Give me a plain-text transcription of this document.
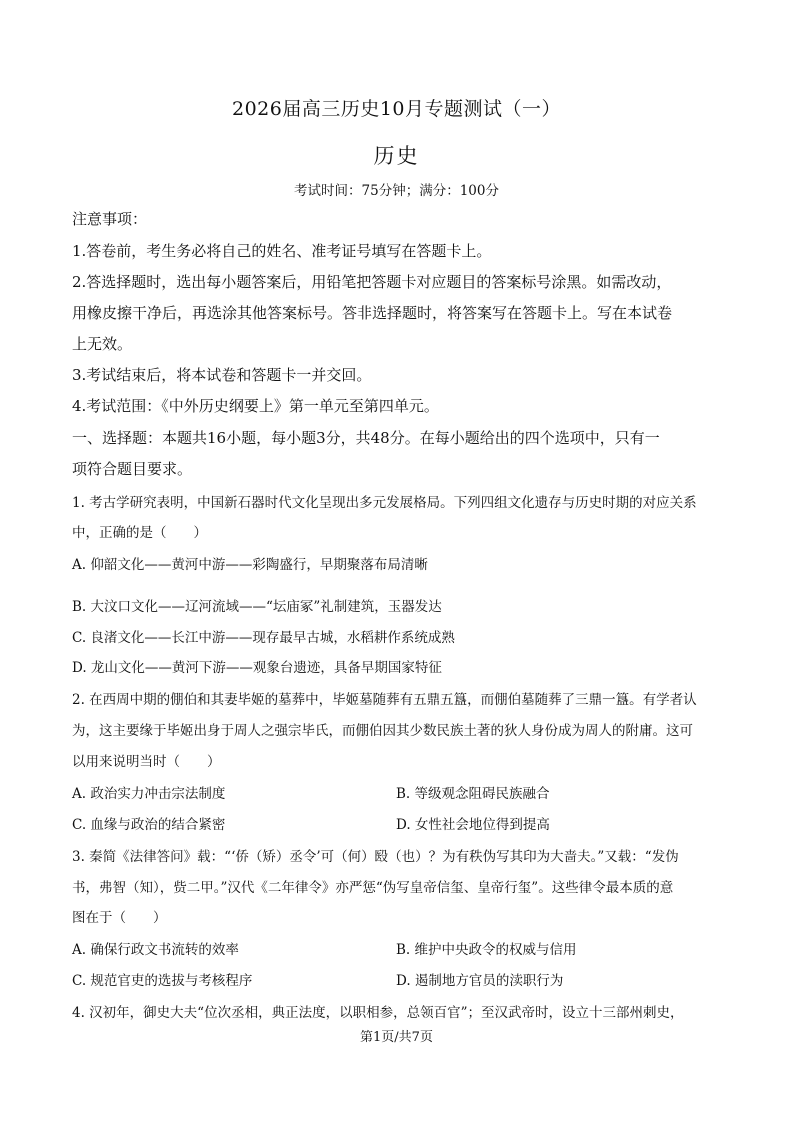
2026届高三历史10月专题测试（一）
历史
考试时间：75分钟；满分：100分
注意事项：
1.答卷前，考生务必将自己的姓名、准考证号填写在答题卡上。
2.答选择题时，选出每小题答案后，用铅笔把答题卡对应题目的答案标号涂黑。如需改动，
用橡皮擦干净后，再选涂其他答案标号。答非选择题时，将答案写在答题卡上。写在本试卷
上无效。
3.考试结束后，将本试卷和答题卡一并交回。
4.考试范围：《中外历史纲要上》第一单元至第四单元。
一、选择题：本题共16小题，每小题3分，共48分。在每小题给出的四个选项中，只有一
项符合题目要求。
1. 考古学研究表明，中国新石器时代文化呈现出多元发展格局。下列四组文化遗存与历史时期的对应关系
中，正确的是（　　）
A. 仰韶文化——黄河中游——彩陶盛行，早期聚落布局清晰
B. 大汶口文化——辽河流域——“坛庙冢”礼制建筑，玉器发达
C. 良渚文化——长江中游——现存最早古城，水稻耕作系统成熟
D. 龙山文化——黄河下游——观象台遗迹，具备早期国家特征
2. 在西周中期的倗伯和其妻毕姬的墓葬中，毕姬墓随葬有五鼎五簋，而倗伯墓随葬了三鼎一簋。有学者认
为，这主要缘于毕姬出身于周人之强宗毕氏，而倗伯因其少数民族土著的狄人身份成为周人的附庸。这可
以用来说明当时（　　）
A. 政治实力冲击宗法制度	B. 等级观念阻碍民族融合
C. 血缘与政治的结合紧密	D. 女性社会地位得到提高
3. 秦简《法律答问》载：“‘侨（矫）丞令’可（何）殹（也）？为有秩伪写其印为大啬夫。”又载：“发伪
书，弗智（知），赀二甲。”汉代《二年律令》亦严惩“伪写皇帝信玺、皇帝行玺”。这些律令最本质的意
图在于（　　）
A. 确保行政文书流转的效率	B. 维护中央政令的权威与信用
C. 规范官吏的选拔与考核程序	D. 遏制地方官员的渎职行为
4. 汉初年，御史大夫“位次丞相，典正法度，以职相参，总领百官”；至汉武帝时，设立十三部州刺史，
第1页/共7页
